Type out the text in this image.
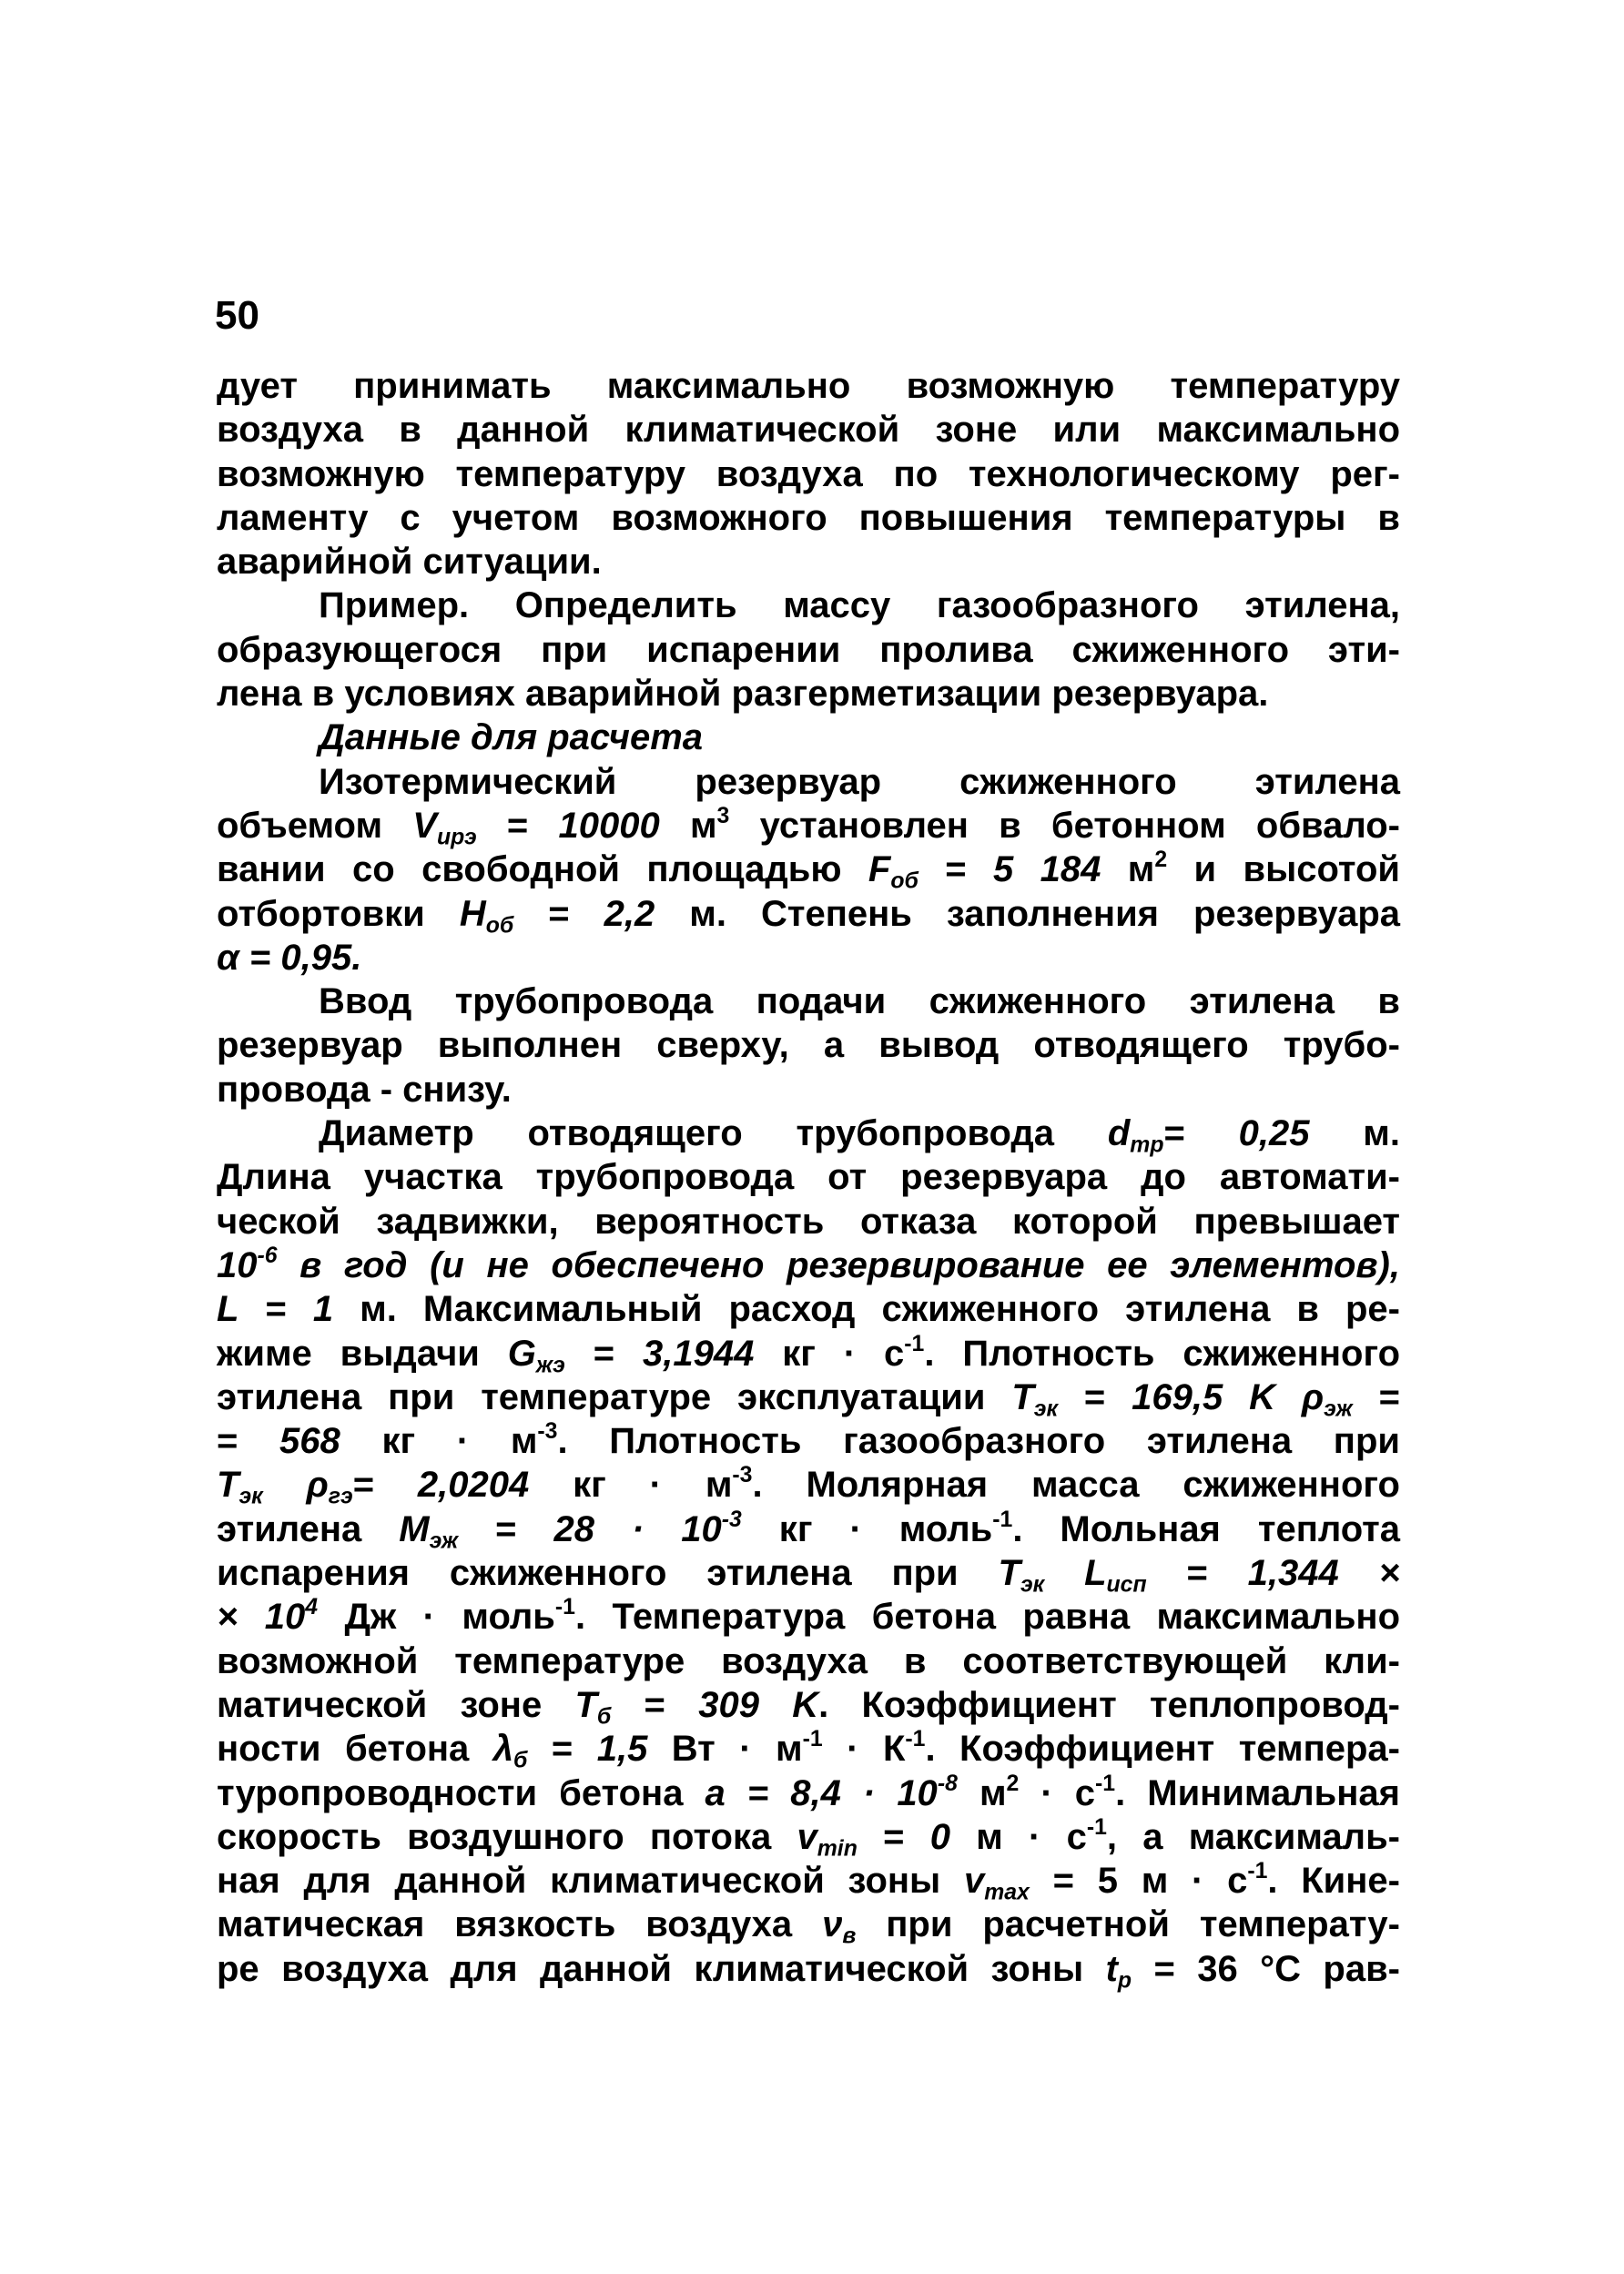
50
дует принимать максимально возможную температуру
воздуха в данной климатической зоне или максимально
возможную температуру воздуха по технологическому рег-
ламенту с учетом возможного повышения температуры в
аварийной ситуации.
Пример. Определить массу газообразного этилена,
образующегося при испарении пролива сжиженного эти-
лена в условиях аварийной разгерметизации резервуара.
Данные для расчета
Изотермический резервуар сжиженного этилена
объемом $V_{ирэ} = 10000$ $м^3$ установлен в бетонном обвало-
вании со свободной площадью $F_{об} = 5$ 184 $м^2$ и высотой
отбортовки $H_{об} = 2,2$ м. Степень заполнения резервуара
α = 0,95.
Ввод трубопровода подачи сжиженного этилена в
резервуар выполнен сверху, а вывод отводящего трубо-
провода - снизу.
Диаметр отводящего трубопровода $d_{тр}= 0,25$ м.
Длина участка трубопровода от резервуара до автомати-
ческой задвижки, вероятность отказа которой превышает
$10^{-6}$ в год (и не обеспечено резервирование ее элементов),
L = 1 м. Максимальный расход сжиженного этилена в ре-
жиме выдачи $G_{жэ} = 3,1944$ кг · $с^{-1}$. Плотность сжиженного
этилена при температуре эксплуатации $T_{эк} = 169,5$ K $\rho_{эж}$ =
= 568 кг · $м^{-3}$. Плотность газообразного этилена при
$T_{эк}$ $\rho_{гэ}= 2,0204$ кг · $м^{-3}$. Молярная масса сжиженного
этилена $M_{эж} = 28 \cdot 10^{-3}$ кг · моль$^{-1}$. Мольная теплота
испарения сжиженного этилена при $T_{эк}$ $L_{исп} = 1,344$ ×
× $10^4$ Дж · моль$^{-1}$. Температура бетона равна максимально
возможной температуре воздуха в соответствующей кли-
матической зоне $T_б = 309$ K. Коэффициент теплопровод-
ности бетона $\lambda_б = 1,5$ Вт · $м^{-1} \cdot К^{-1}$. Коэффициент темпера-
туропроводности бетона $a = 8,4 \cdot 10^{-8}$ $м^2 \cdot с^{-1}$. Минимальная
скорость воздушного потока $v_{min} = 0$ $м \cdot с^{-1}$, а максималь-
ная для данной климатической зоны $v_{max} = 5$ $м \cdot с^{-1}$. Кине-
матическая вязкость воздуха $\nu_в$ при расчетной температу-
ре воздуха для данной климатической зоны $t_p = 36$ °С рав-
